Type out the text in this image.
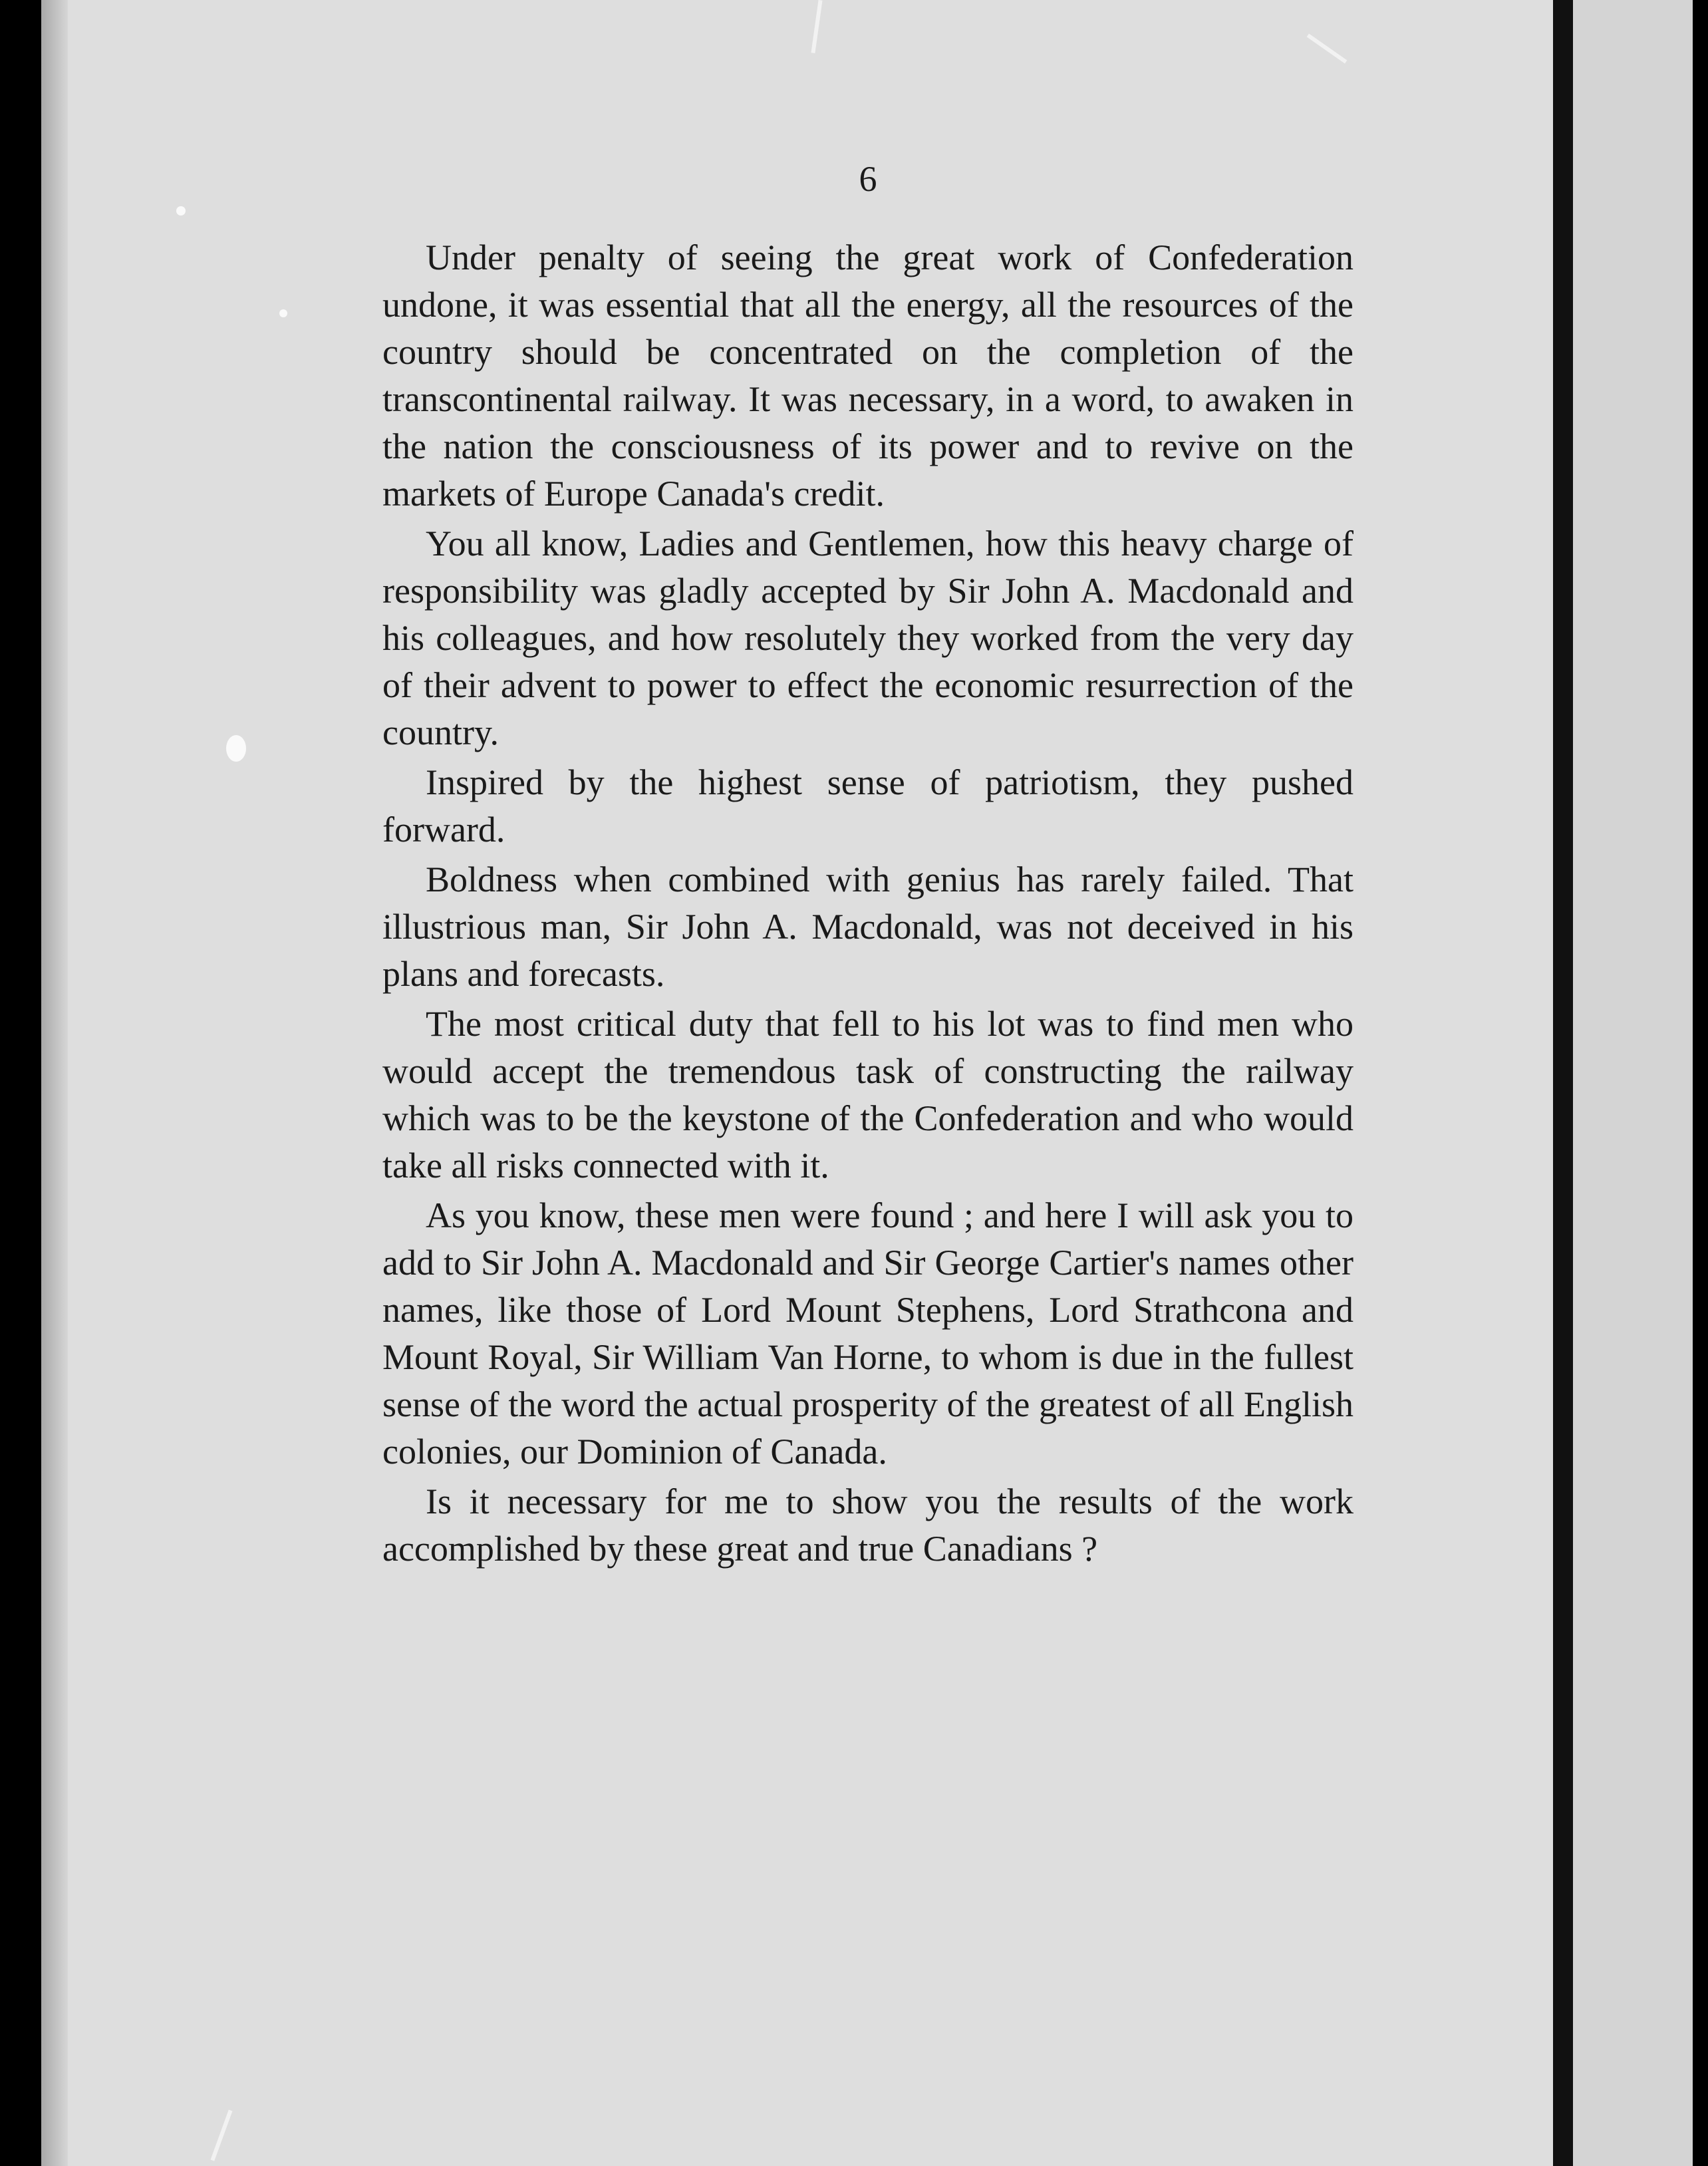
6

Under penalty of seeing the great work of Confederation undone, it was essential that all the energy, all the resources of the country should be concentrated on the completion of the transcontinental railway. It was necessary, in a word, to awaken in the nation the consciousness of its power and to revive on the markets of Europe Canada's credit.

You all know, Ladies and Gentlemen, how this heavy charge of responsibility was gladly accepted by Sir John A. Macdonald and his colleagues, and how resolutely they worked from the very day of their advent to power to effect the economic resurrection of the country.

Inspired by the highest sense of patriotism, they pushed forward.

Boldness when combined with genius has rarely failed. That illustrious man, Sir John A. Macdonald, was not deceived in his plans and forecasts.

The most critical duty that fell to his lot was to find men who would accept the tremendous task of constructing the railway which was to be the keystone of the Confederation and who would take all risks connected with it.

As you know, these men were found ; and here I will ask you to add to Sir John A. Macdonald and Sir George Cartier's names other names, like those of Lord Mount Stephens, Lord Strathcona and Mount Royal, Sir William Van Horne, to whom is due in the fullest sense of the word the actual prosperity of the greatest of all English colonies, our Dominion of Canada.

Is it necessary for me to show you the results of the work accomplished by these great and true Canadians ?
